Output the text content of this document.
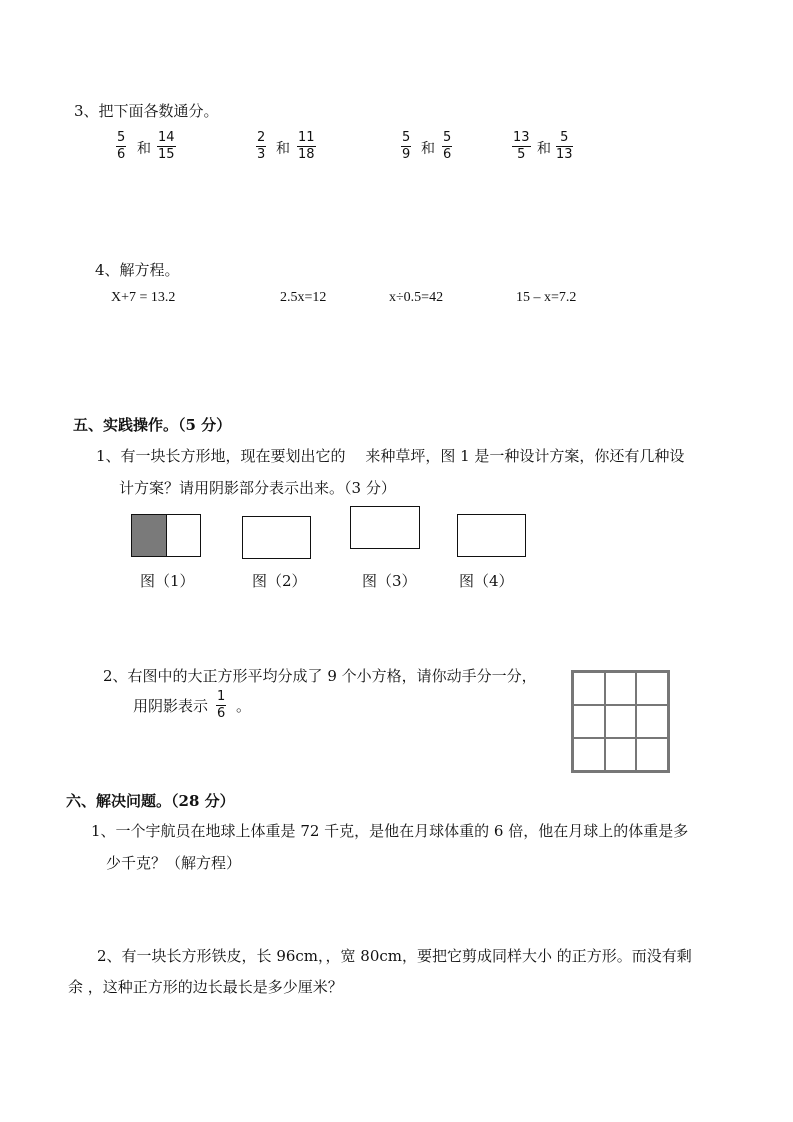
3、把下面各数通分。
5
6 和
14
15
2
3 和
11
18
5
9 和
5
6
13
5 和
5
13
4、解方程。
X+7 = 13.2	2.5x=12	x÷0.5=42	15 – x=7.2
五、实践操作。（5 分）
1、有一块长方形地，现在要划出它的　 来种草坪，图 1 是一种设计方案，你还有几种设
计方案？请用阴影部分表示出来。（3 分）
图（1）	图（2）	图（3）	图（4）
2、右图中的大正方形平均分成了 9 个小方格，请你动手分一分，
用阴影表示
1
6 。
六、解决问题。（28 分）
1、一个宇航员在地球上体重是 72 千克，是他在月球体重的 6 倍，他在月球上的体重是多
少千克？（解方程）
2、有一块长方形铁皮，长 96cm，，宽 80cm，要把它剪成同样大小 的正方形。而没有剩
余 ，这种正方形的边长最长是多少厘米？
